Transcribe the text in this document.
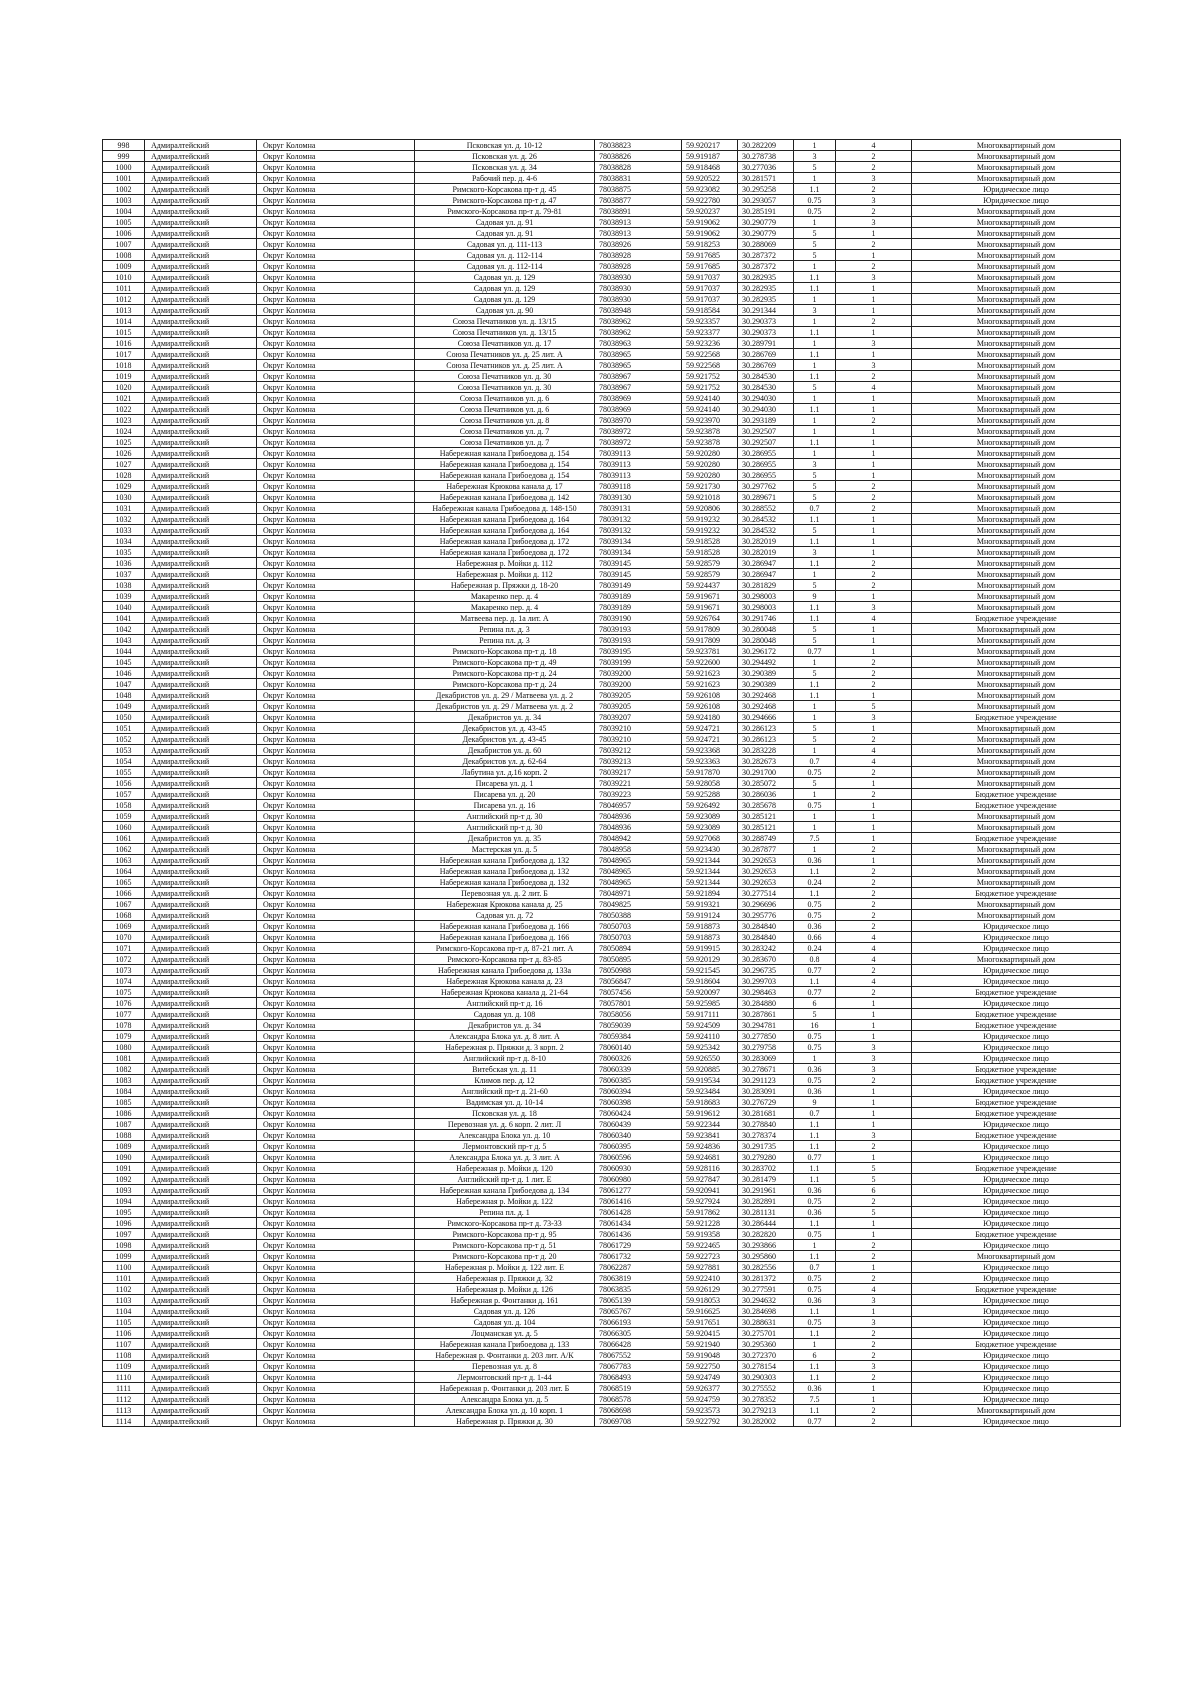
998	Адмиралтейский	Округ Коломна	Псковская ул. д. 10-12	78038823	59.920217	30.282209	1	4	Многоквартирный дом
999	Адмиралтейский	Округ Коломна	Псковская ул. д. 26	78038826	59.919187	30.278738	3	2	Многоквартирный дом
1000	Адмиралтейский	Округ Коломна	Псковская ул. д. 34	78038828	59.918468	30.277036	5	2	Многоквартирный дом
1001	Адмиралтейский	Округ Коломна	Рабочий пер. д. 4-6	78038831	59.920522	30.281571	1	3	Многоквартирный дом
1002	Адмиралтейский	Округ Коломна	Римского-Корсакова пр-т д. 45	78038875	59.923082	30.295258	1.1	2	Юридическое лицо
1003	Адмиралтейский	Округ Коломна	Римского-Корсакова пр-т д. 47	78038877	59.922780	30.293057	0.75	3	Юридическое лицо
1004	Адмиралтейский	Округ Коломна	Римского-Корсакова пр-т д. 79-81	78038891	59.920237	30.285191	0.75	2	Многоквартирный дом
1005	Адмиралтейский	Округ Коломна	Садовая ул. д. 91	78038913	59.919062	30.290779	1	3	Многоквартирный дом
1006	Адмиралтейский	Округ Коломна	Садовая ул. д. 91	78038913	59.919062	30.290779	5	1	Многоквартирный дом
1007	Адмиралтейский	Округ Коломна	Садовая ул. д. 111-113	78038926	59.918253	30.288069	5	2	Многоквартирный дом
1008	Адмиралтейский	Округ Коломна	Садовая ул. д. 112-114	78038928	59.917685	30.287372	5	1	Многоквартирный дом
1009	Адмиралтейский	Округ Коломна	Садовая ул. д. 112-114	78038928	59.917685	30.287372	1	2	Многоквартирный дом
1010	Адмиралтейский	Округ Коломна	Садовая ул. д. 129	78038930	59.917037	30.282935	1.1	3	Многоквартирный дом
1011	Адмиралтейский	Округ Коломна	Садовая ул. д. 129	78038930	59.917037	30.282935	1.1	1	Многоквартирный дом
1012	Адмиралтейский	Округ Коломна	Садовая ул. д. 129	78038930	59.917037	30.282935	1	1	Многоквартирный дом
1013	Адмиралтейский	Округ Коломна	Садовая ул. д. 90	78038948	59.918584	30.291344	3	1	Многоквартирный дом
1014	Адмиралтейский	Округ Коломна	Союза Печатников ул. д. 13/15	78038962	59.923357	30.290373	1	2	Многоквартирный дом
1015	Адмиралтейский	Округ Коломна	Союза Печатников ул. д. 13/15	78038962	59.923377	30.290373	1.1	1	Многоквартирный дом
1016	Адмиралтейский	Округ Коломна	Союза Печатников ул. д. 17	78038963	59.923236	30.289791	1	3	Многоквартирный дом
1017	Адмиралтейский	Округ Коломна	Союза Печатников ул. д. 25 лит. А	78038965	59.922568	30.286769	1.1	1	Многоквартирный дом
1018	Адмиралтейский	Округ Коломна	Союза Печатников ул. д. 25 лит. А	78038965	59.922568	30.286769	1	3	Многоквартирный дом
1019	Адмиралтейский	Округ Коломна	Союза Печатников ул. д. 30	78038967	59.921752	30.284530	1.1	2	Многоквартирный дом
1020	Адмиралтейский	Округ Коломна	Союза Печатников ул. д. 30	78038967	59.921752	30.284530	5	4	Многоквартирный дом
1021	Адмиралтейский	Округ Коломна	Союза Печатников ул. д. 6	78038969	59.924140	30.294030	1	1	Многоквартирный дом
1022	Адмиралтейский	Округ Коломна	Союза Печатников ул. д. 6	78038969	59.924140	30.294030	1.1	1	Многоквартирный дом
1023	Адмиралтейский	Округ Коломна	Союза Печатников ул. д. 8	78038970	59.923970	30.293189	1	2	Многоквартирный дом
1024	Адмиралтейский	Округ Коломна	Союза Печатников ул. д. 7	78038972	59.923878	30.292507	1	1	Многоквартирный дом
1025	Адмиралтейский	Округ Коломна	Союза Печатников ул. д. 7	78038972	59.923878	30.292507	1.1	1	Многоквартирный дом
1026	Адмиралтейский	Округ Коломна	Набережная канала Грибоедова д. 154	78039113	59.920280	30.286955	1	1	Многоквартирный дом
1027	Адмиралтейский	Округ Коломна	Набережная канала Грибоедова д. 154	78039113	59.920280	30.286955	3	1	Многоквартирный дом
1028	Адмиралтейский	Округ Коломна	Набережная канала Грибоедова д. 154	78039113	59.920280	30.286955	5	1	Многоквартирный дом
1029	Адмиралтейский	Округ Коломна	Набережная Крюкова канала д. 17	78039118	59.921730	30.297762	5	2	Многоквартирный дом
1030	Адмиралтейский	Округ Коломна	Набережная канала Грибоедова д. 142	78039130	59.921018	30.289671	5	2	Многоквартирный дом
1031	Адмиралтейский	Округ Коломна	Набережная канала Грибоедова д. 148-150	78039131	59.920806	30.288552	0.7	2	Многоквартирный дом
1032	Адмиралтейский	Округ Коломна	Набережная канала Грибоедова д. 164	78039132	59.919232	30.284532	1.1	1	Многоквартирный дом
1033	Адмиралтейский	Округ Коломна	Набережная канала Грибоедова д. 164	78039132	59.919232	30.284532	5	1	Многоквартирный дом
1034	Адмиралтейский	Округ Коломна	Набережная канала Грибоедова д. 172	78039134	59.918528	30.282019	1.1	1	Многоквартирный дом
1035	Адмиралтейский	Округ Коломна	Набережная канала Грибоедова д. 172	78039134	59.918528	30.282019	3	1	Многоквартирный дом
1036	Адмиралтейский	Округ Коломна	Набережная р. Мойки д. 112	78039145	59.928579	30.286947	1.1	2	Многоквартирный дом
1037	Адмиралтейский	Округ Коломна	Набережная р. Мойки д. 112	78039145	59.928579	30.286947	1	2	Многоквартирный дом
1038	Адмиралтейский	Округ Коломна	Набережная р. Пряжки д. 18-20	78039149	59.924437	30.281829	5	2	Многоквартирный дом
1039	Адмиралтейский	Округ Коломна	Макаренко пер. д. 4	78039189	59.919671	30.298003	9	1	Многоквартирный дом
1040	Адмиралтейский	Округ Коломна	Макаренко пер. д. 4	78039189	59.919671	30.298003	1.1	3	Многоквартирный дом
1041	Адмиралтейский	Округ Коломна	Матвеева пер. д. 1а лит. А	78039190	59.926764	30.291746	1.1	4	Бюджетное учреждение
1042	Адмиралтейский	Округ Коломна	Репина пл. д. 3	78039193	59.917809	30.280048	5	1	Многоквартирный дом
1043	Адмиралтейский	Округ Коломна	Репина пл. д. 3	78039193	59.917809	30.280048	5	1	Многоквартирный дом
1044	Адмиралтейский	Округ Коломна	Римского-Корсакова пр-т д. 18	78039195	59.923781	30.296172	0.77	1	Многоквартирный дом
1045	Адмиралтейский	Округ Коломна	Римского-Корсакова пр-т д. 49	78039199	59.922600	30.294492	1	2	Многоквартирный дом
1046	Адмиралтейский	Округ Коломна	Римского-Корсакова пр-т д. 24	78039200	59.921623	30.290389	5	2	Многоквартирный дом
1047	Адмиралтейский	Округ Коломна	Римского-Корсакова пр-т д. 24	78039200	59.921623	30.290389	1.1	2	Многоквартирный дом
1048	Адмиралтейский	Округ Коломна	Декабристов ул. д. 29 / Матвеева ул. д. 2	78039205	59.926108	30.292468	1.1	1	Многоквартирный дом
1049	Адмиралтейский	Округ Коломна	Декабристов ул. д. 29 / Матвеева ул. д. 2	78039205	59.926108	30.292468	1	5	Многоквартирный дом
1050	Адмиралтейский	Округ Коломна	Декабристов ул. д. 34	78039207	59.924180	30.294666	1	3	Бюджетное учреждение
1051	Адмиралтейский	Округ Коломна	Декабристов ул. д. 43-45	78039210	59.924721	30.286123	5	1	Многоквартирный дом
1052	Адмиралтейский	Округ Коломна	Декабристов ул. д. 43-45	78039210	59.924721	30.286123	5	2	Многоквартирный дом
1053	Адмиралтейский	Округ Коломна	Декабристов ул. д. 60	78039212	59.923368	30.283228	1	4	Многоквартирный дом
1054	Адмиралтейский	Округ Коломна	Декабристов ул. д. 62-64	78039213	59.923363	30.282673	0.7	4	Многоквартирный дом
1055	Адмиралтейский	Округ Коломна	Лабутина ул. д.16 корп. 2	78039217	59.917870	30.291700	0.75	2	Многоквартирный дом
1056	Адмиралтейский	Округ Коломна	Писарева ул. д. 1	78039221	59.928058	30.285072	5	1	Многоквартирный дом
1057	Адмиралтейский	Округ Коломна	Писарева ул. д. 20	78039223	59.925288	30.286036	1	2	Бюджетное учреждение
1058	Адмиралтейский	Округ Коломна	Писарева ул. д. 16	78046957	59.926492	30.285678	0.75	1	Бюджетное учреждение
1059	Адмиралтейский	Округ Коломна	Английский пр-т д. 30	78048936	59.923089	30.285121	1	1	Многоквартирный дом
1060	Адмиралтейский	Округ Коломна	Английский пр-т д. 30	78048936	59.923089	30.285121	1	1	Многоквартирный дом
1061	Адмиралтейский	Округ Коломна	Декабристов ул. д. 35	78048942	59.927068	30.288749	7.5	1	Бюджетное учреждение
1062	Адмиралтейский	Округ Коломна	Мастерская ул. д. 5	78048958	59.923430	30.287877	1	2	Многоквартирный дом
1063	Адмиралтейский	Округ Коломна	Набережная канала Грибоедова д. 132	78048965	59.921344	30.292653	0.36	1	Многоквартирный дом
1064	Адмиралтейский	Округ Коломна	Набережная канала Грибоедова д. 132	78048965	59.921344	30.292653	1.1	2	Многоквартирный дом
1065	Адмиралтейский	Округ Коломна	Набережная канала Грибоедова д. 132	78048965	59.921344	30.292653	0.24	2	Многоквартирный дом
1066	Адмиралтейский	Округ Коломна	Перевозная ул. д. 2 лит. Б	78048971	59.921894	30.277514	1.1	2	Бюджетное учреждение
1067	Адмиралтейский	Округ Коломна	Набережная Крюкова канала д. 25	78049825	59.919321	30.296696	0.75	2	Многоквартирный дом
1068	Адмиралтейский	Округ Коломна	Садовая ул. д. 72	78050388	59.919124	30.295776	0.75	2	Многоквартирный дом
1069	Адмиралтейский	Округ Коломна	Набережная канала Грибоедова д. 166	78050703	59.918873	30.284840	0.36	2	Юридическое лицо
1070	Адмиралтейский	Округ Коломна	Набережная канала Грибоедова д. 166	78050703	59.918873	30.284840	0.66	4	Юридическое лицо
1071	Адмиралтейский	Округ Коломна	Римского-Корсакова пр-т д. 87-21 лит. А	78050894	59.919915	30.283242	0.24	4	Юридическое лицо
1072	Адмиралтейский	Округ Коломна	Римского-Корсакова пр-т д. 83-85	78050895	59.920129	30.283670	0.8	4	Многоквартирный дом
1073	Адмиралтейский	Округ Коломна	Набережная канала Грибоедова д. 133а	78050988	59.921545	30.296735	0.77	2	Юридическое лицо
1074	Адмиралтейский	Округ Коломна	Набережная Крюкова канала д. 23	78056847	59.918604	30.299703	1.1	4	Юридическое лицо
1075	Адмиралтейский	Округ Коломна	Набережная Крюкова канала д. 21-64	78057456	59.920097	30.298463	0.77	2	Бюджетное учреждение
1076	Адмиралтейский	Округ Коломна	Английский пр-т д. 16	78057801	59.925985	30.284880	6	1	Юридическое лицо
1077	Адмиралтейский	Округ Коломна	Садовая ул. д. 108	78058056	59.917111	30.287861	5	1	Бюджетное учреждение
1078	Адмиралтейский	Округ Коломна	Декабристов ул. д. 34	78059039	59.924509	30.294781	16	1	Бюджетное учреждение
1079	Адмиралтейский	Округ Коломна	Александра Блока ул. д. 8 лит. А	78059384	59.924110	30.277850	0.75	1	Юридическое лицо
1080	Адмиралтейский	Округ Коломна	Набережная р. Пряжки д. 3 корп. 2	78060140	59.925342	30.279758	0.75	3	Юридическое лицо
1081	Адмиралтейский	Округ Коломна	Английский пр-т д. 8-10	78060326	59.926550	30.283069	1	3	Юридическое лицо
1082	Адмиралтейский	Округ Коломна	Витебская ул. д. 11	78060339	59.920885	30.278671	0.36	3	Бюджетное учреждение
1083	Адмиралтейский	Округ Коломна	Климов пер. д. 12	78060385	59.919534	30.291123	0.75	2	Бюджетное учреждение
1084	Адмиралтейский	Округ Коломна	Английский пр-т д. 21-60	78060394	59.923484	30.283091	0.36	1	Юридическое лицо
1085	Адмиралтейский	Округ Коломна	Вадимская ул. д. 10-14	78060398	59.918683	30.276729	9	1	Бюджетное учреждение
1086	Адмиралтейский	Округ Коломна	Псковская ул. д. 18	78060424	59.919612	30.281681	0.7	1	Бюджетное учреждение
1087	Адмиралтейский	Округ Коломна	Перевозная ул. д. 6 корп. 2 лит. Л	78060439	59.922344	30.278840	1.1	1	Юридическое лицо
1088	Адмиралтейский	Округ Коломна	Александра Блока ул. д. 10	78060340	59.923841	30.278374	1.1	3	Бюджетное учреждение
1089	Адмиралтейский	Округ Коломна	Лермонтовский пр-т д. 5	78060395	59.924836	30.291735	1.1	2	Юридическое лицо
1090	Адмиралтейский	Округ Коломна	Александра Блока ул. д. 3 лит. А	78060596	59.924681	30.279280	0.77	1	Юридическое лицо
1091	Адмиралтейский	Округ Коломна	Набережная р. Мойки д. 120	78060930	59.928116	30.283702	1.1	5	Бюджетное учреждение
1092	Адмиралтейский	Округ Коломна	Английский пр-т д. 1 лит. Е	78060980	59.927847	30.281479	1.1	5	Юридическое лицо
1093	Адмиралтейский	Округ Коломна	Набережная канала Грибоедова д. 134	78061277	59.920941	30.291961	0.36	6	Юридическое лицо
1094	Адмиралтейский	Округ Коломна	Набережная р. Мойки д. 122	78061416	59.927924	30.282891	0.75	2	Юридическое лицо
1095	Адмиралтейский	Округ Коломна	Репина пл. д. 1	78061428	59.917862	30.281131	0.36	5	Юридическое лицо
1096	Адмиралтейский	Округ Коломна	Римского-Корсакова пр-т д. 73-33	78061434	59.921228	30.286444	1.1	1	Юридическое лицо
1097	Адмиралтейский	Округ Коломна	Римского-Корсакова пр-т д. 95	78061436	59.919358	30.282820	0.75	1	Бюджетное учреждение
1098	Адмиралтейский	Округ Коломна	Римского-Корсакова пр-т д. 51	78061729	59.922465	30.293866	1	2	Юридическое лицо
1099	Адмиралтейский	Округ Коломна	Римского-Корсакова пр-т д. 20	78061732	59.922723	30.295860	1.1	2	Многоквартирный дом
1100	Адмиралтейский	Округ Коломна	Набережная р. Мойки д. 122 лит. Е	78062287	59.927881	30.282556	0.7	1	Юридическое лицо
1101	Адмиралтейский	Округ Коломна	Набережная р. Пряжки д. 32	78063819	59.922410	30.281372	0.75	2	Юридическое лицо
1102	Адмиралтейский	Округ Коломна	Набережная р. Мойки д. 126	78063835	59.926129	30.277591	0.75	4	Бюджетное учреждение
1103	Адмиралтейский	Округ Коломна	Набережная р. Фонтанки д. 161	78065139	59.918053	30.294632	0.36	3	Юридическое лицо
1104	Адмиралтейский	Округ Коломна	Садовая ул. д. 126	78065767	59.916625	30.284698	1.1	1	Юридическое лицо
1105	Адмиралтейский	Округ Коломна	Садовая ул. д. 104	78066193	59.917651	30.288631	0.75	3	Юридическое лицо
1106	Адмиралтейский	Округ Коломна	Лоцманская ул. д. 5	78066305	59.920415	30.275701	1.1	2	Юридическое лицо
1107	Адмиралтейский	Округ Коломна	Набережная канала Грибоедова д. 133	78066428	59.921940	30.295360	1	2	Бюджетное учреждение
1108	Адмиралтейский	Округ Коломна	Набережная р. Фонтанки д. 203 лит. А/К	78067552	59.919048	30.272370	6	2	Юридическое лицо
1109	Адмиралтейский	Округ Коломна	Перевозная ул. д. 8	78067783	59.922750	30.278154	1.1	3	Юридическое лицо
1110	Адмиралтейский	Округ Коломна	Лермонтовский пр-т д. 1-44	78068493	59.924749	30.290303	1.1	2	Юридическое лицо
1111	Адмиралтейский	Округ Коломна	Набережная р. Фонтанки д. 203 лит. Б	78068519	59.926377	30.275552	0.36	1	Юридическое лицо
1112	Адмиралтейский	Округ Коломна	Александра Блока ул. д. 5	78068578	59.924759	30.278352	7.5	1	Юридическое лицо
1113	Адмиралтейский	Округ Коломна	Александра Блока ул. д. 10 корп. 1	78068698	59.923573	30.279213	1.1	2	Многоквартирный дом
1114	Адмиралтейский	Округ Коломна	Набережная р. Пряжки д. 30	78069708	59.922792	30.282002	0.77	2	Юридическое лицо
